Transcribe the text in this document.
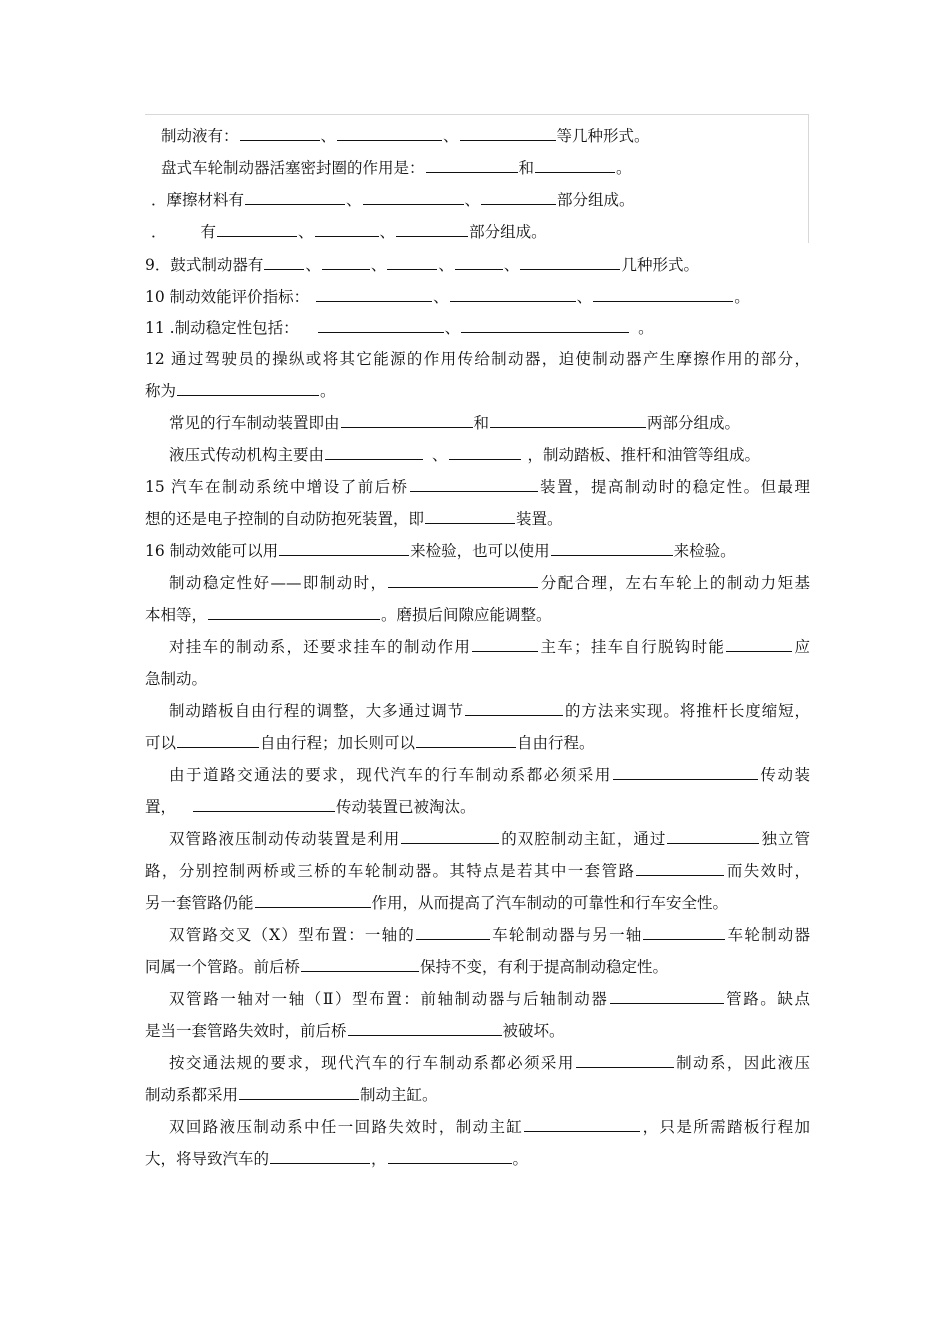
制动液有：	、	、	等几种形式。
盘式车轮制动器活塞密封圈的作用是：	和	。
．摩擦材料有	、	、	部分组成。
． 有	、	、	部分组成。
9．鼓式制动器有	、	、	、	、	几种形式。
10 制动效能评价指标：	、	、	。
11 .制动稳定性包括：	、	。
12 通过驾驶员的操纵或将其它能源的作用传给制动器，迫使制动器产生摩擦作用的部分，
称为	。
常见的行车制动装置即由	和	两部分组成。
液压式传动机构主要由	、	，制动踏板、推杆和油管等组成。
15 汽车在制动系统中增设了前后桥	装置，提高制动时的稳定性。但最理
想的还是电子控制的自动防抱死装置，即	装置。
16 制动效能可以用	来检验，也可以使用	来检验。
制动稳定性好——即制动时，	分配合理，左右车轮上的制动力矩基
本相等，	。磨损后间隙应能调整。
对挂车的制动系，还要求挂车的制动作用	主车；挂车自行脱钩时能	应
急制动。
制动踏板自由行程的调整，大多通过调节	的方法来实现。将推杆长度缩短，
可以	自由行程；加长则可以	自由行程。
由于道路交通法的要求，现代汽车的行车制动系都必须采用	传动装
置，	传动装置已被淘汰。
双管路液压制动传动装置是利用	的双腔制动主缸，通过	独立管
路，分别控制两桥或三桥的车轮制动器。其特点是若其中一套管路	而失效时，
另一套管路仍能	作用，从而提高了汽车制动的可靠性和行车安全性。
双管路交叉（X）型布置：一轴的	车轮制动器与另一轴	车轮制动器
同属一个管路。前后桥	保持不变，有利于提高制动稳定性。
双管路一轴对一轴（Ⅱ）型布置：前轴制动器与后轴制动器	管路。缺点
是当一套管路失效时，前后桥	被破坏。
按交通法规的要求，现代汽车的行车制动系都必须采用	制动系，因此液压
制动系都采用	制动主缸。
双回路液压制动系中任一回路失效时，制动主缸	，只是所需踏板行程加
大，将导致汽车的	，	。
